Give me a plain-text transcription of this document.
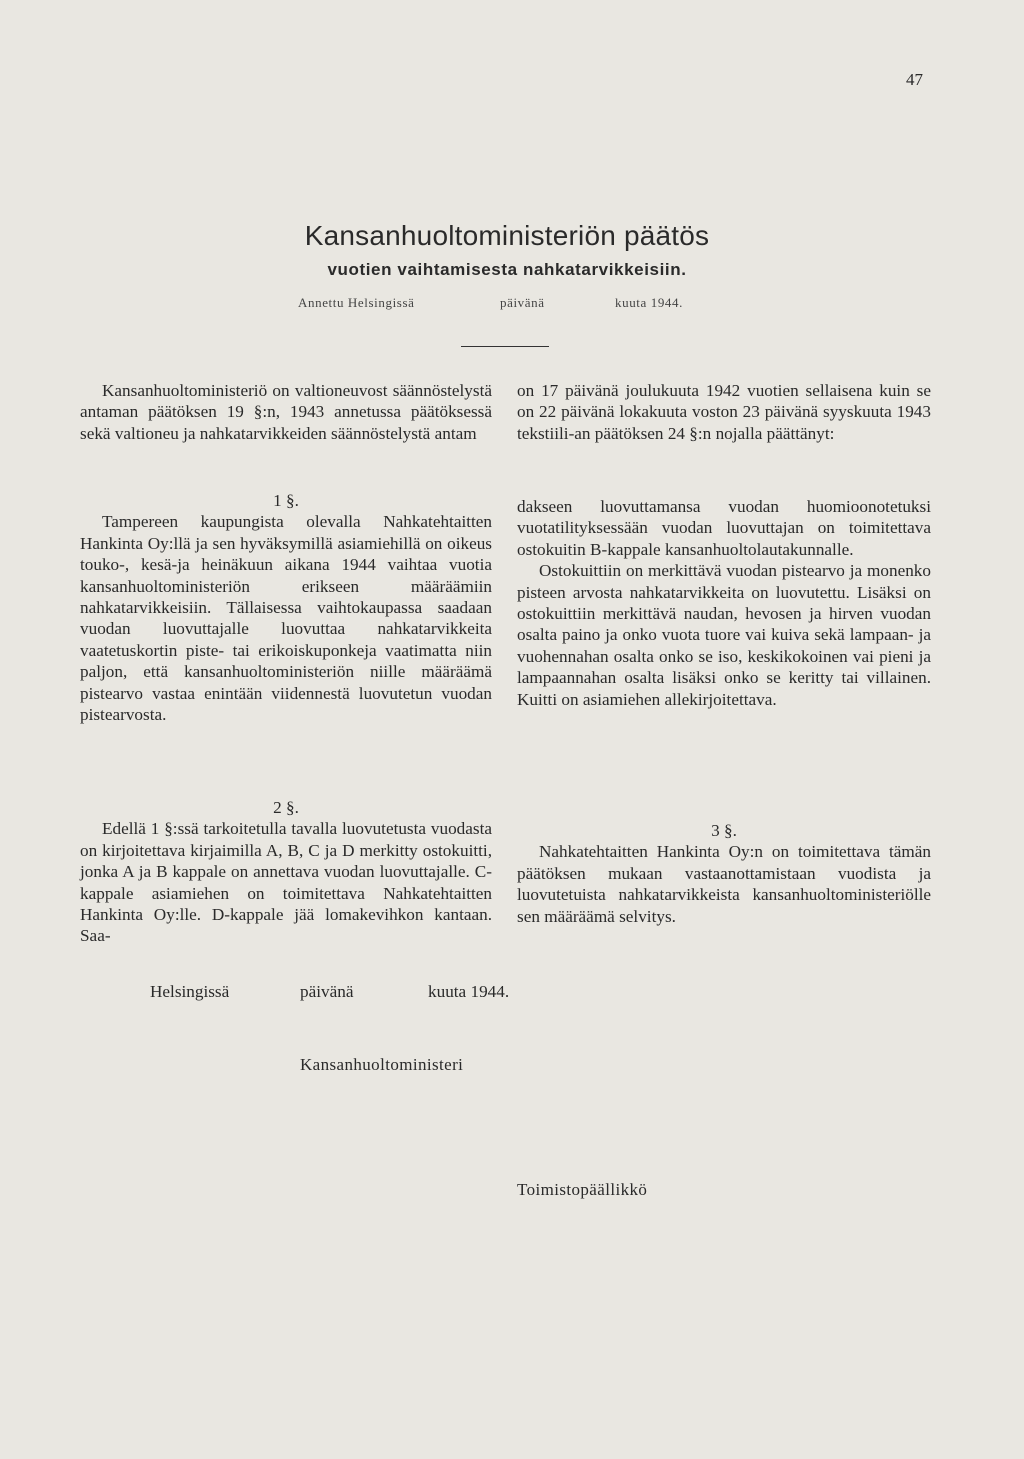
47
Kansanhuoltoministeriön päätös
vuotien vaihtamisesta nahkatarvikkeisiin.
Annettu Helsingissä	päivänä	kuuta 1944.

Kansanhuoltoministeriö on valtioneuvost säännöstelystä antaman päätöksen 19 §:n, 1943 annetussa päätöksessä sekä valtioneu ja nahkatarvikkeiden säännöstelystä antam

on 17 päivänä joulukuuta 1942 vuotien sellaisena kuin se on 22 päivänä lokakuuta voston 23 päivänä syyskuuta 1943 tekstiili-an päätöksen 24 §:n nojalla päättänyt:

1 §.

Tampereen kaupungista olevalla Nahkatehtaitten Hankinta Oy:llä ja sen hyväksymillä asiamiehillä on oikeus touko-, kesä-ja heinäkuun aikana 1944 vaihtaa vuotia kansanhuoltoministeriön erikseen määräämiin nahkatarvikkeisiin. Tällaisessa vaihtokaupassa saadaan vuodan luovuttajalle luovuttaa nahkatarvikkeita vaatetuskortin piste- tai erikoiskuponkeja vaatimatta niin paljon, että kansanhuoltoministeriön niille määräämä pistearvo vastaa enintään viidennestä luovutetun vuodan pistearvosta.

dakseen luovuttamansa vuodan huomioonotetuksi vuotatilityksessään vuodan luovuttajan on toimitettava ostokuitin B-kappale kansanhuoltolautakunnalle.

Ostokuittiin on merkittävä vuodan pistearvo ja monenko pisteen arvosta nahkatarvikkeita on luovutettu. Lisäksi on ostokuittiin merkittävä naudan, hevosen ja hirven vuodan osalta paino ja onko vuota tuore vai kuiva sekä lampaan- ja vuohennahan osalta onko se iso, keskikokoinen vai pieni ja lampaannahan osalta lisäksi onko se keritty tai villainen. Kuitti on asiamiehen allekirjoitettava.

2 §.

Edellä 1 §:ssä tarkoitetulla tavalla luovutetusta vuodasta on kirjoitettava kirjaimilla A, B, C ja D merkitty ostokuitti, jonka A ja B kappale on annettava vuodan luovuttajalle. C-kappale asiamiehen on toimitettava Nahkatehtaitten Hankinta Oy:lle. D-kappale jää lomakevihkon kantaan. Saa-

3 §.

Nahkatehtaitten Hankinta Oy:n on toimitettava tämän päätöksen mukaan vastaanottamistaan vuodista ja luovutetuista nahkatarvikkeista kansanhuoltoministeriölle sen määräämä selvitys.

Helsingissä	päivänä	kuuta 1944.
Kansanhuoltoministeri
Toimistopäällikkö
